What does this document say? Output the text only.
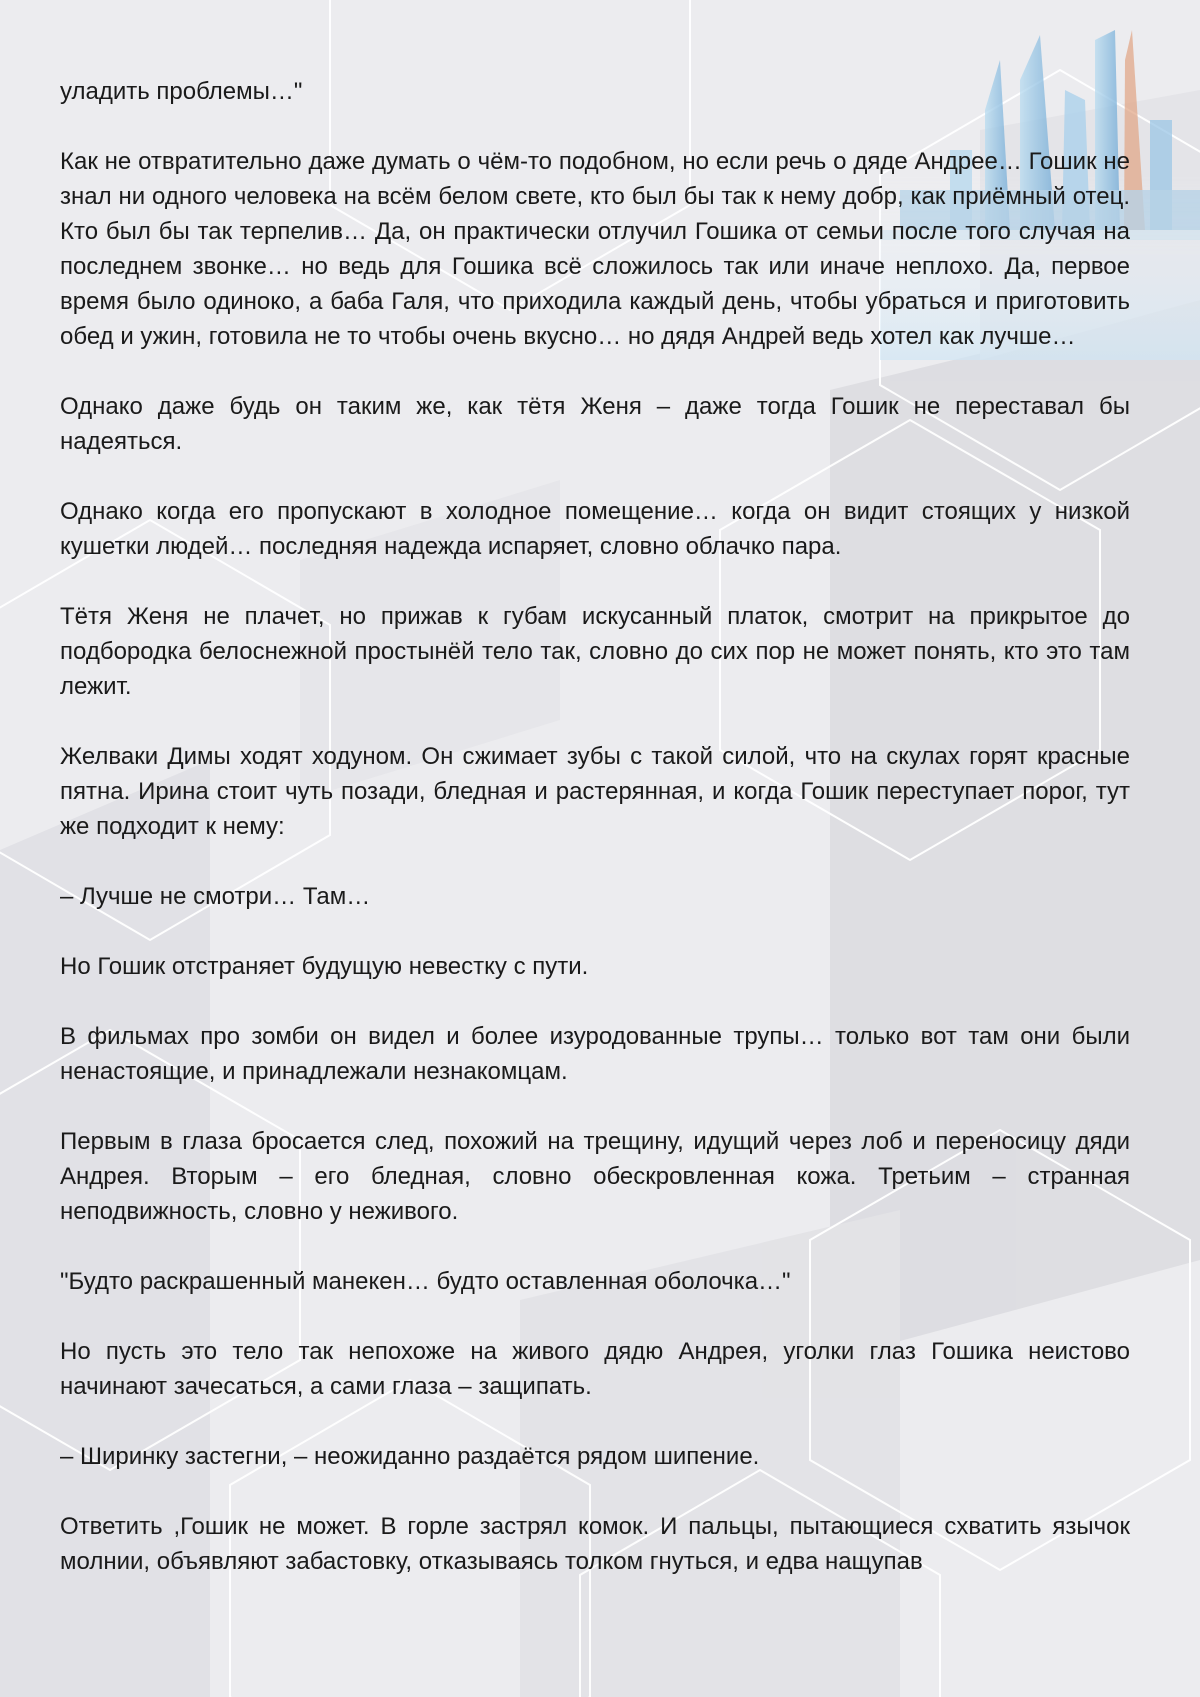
уладить проблемы…"

Как не отвратительно даже думать о чём-то подобном, но если речь о дяде Андрее… Гошик не знал ни одного человека на всём белом свете, кто был бы так к нему добр, как приёмный отец. Кто был бы так терпелив… Да, он практически отлучил Гошика от семьи после того случая на последнем звонке… но ведь для Гошика всё сложилось так или иначе неплохо. Да, первое время было одиноко, а баба Галя, что приходила каждый день, чтобы убраться и приготовить обед и ужин, готовила не то чтобы очень вкусно… но дядя Андрей ведь хотел как лучше…

Однако даже будь он таким же, как тётя Женя – даже тогда Гошик не переставал бы надеяться.

Однако когда его пропускают в холодное помещение… когда он видит стоящих у низкой кушетки людей… последняя надежда испаряет, словно облачко пара.

Тётя Женя не плачет, но прижав к губам искусанный платок, смотрит на прикрытое до подбородка белоснежной простынёй тело так, словно до сих пор не может понять, кто это там лежит.

Желваки Димы ходят ходуном. Он сжимает зубы с такой силой, что на скулах горят красные пятна. Ирина стоит чуть позади, бледная и растерянная, и когда Гошик переступает порог, тут же подходит к нему:

– Лучше не смотри… Там…

Но Гошик отстраняет будущую невестку с пути.

В фильмах про зомби он видел и более изуродованные трупы… только вот там они были ненастоящие, и принадлежали незнакомцам.

Первым в глаза бросается след, похожий на трещину, идущий через лоб и переносицу дяди Андрея. Вторым – его бледная, словно обескровленная кожа. Третьим – странная неподвижность, словно у неживого.

"Будто раскрашенный манекен… будто оставленная оболочка…"

Но пусть это тело так непохоже на живого дядю Андрея, уголки глаз Гошика неистово начинают зачесаться, а сами глаза – защипать.

– Ширинку застегни, – неожиданно раздаётся рядом шипение.

Ответить ,Гошик не может. В горле застрял комок. И пальцы, пытающиеся схватить язычок молнии, объявляют забастовку, отказываясь толком гнуться, и едва нащупав
